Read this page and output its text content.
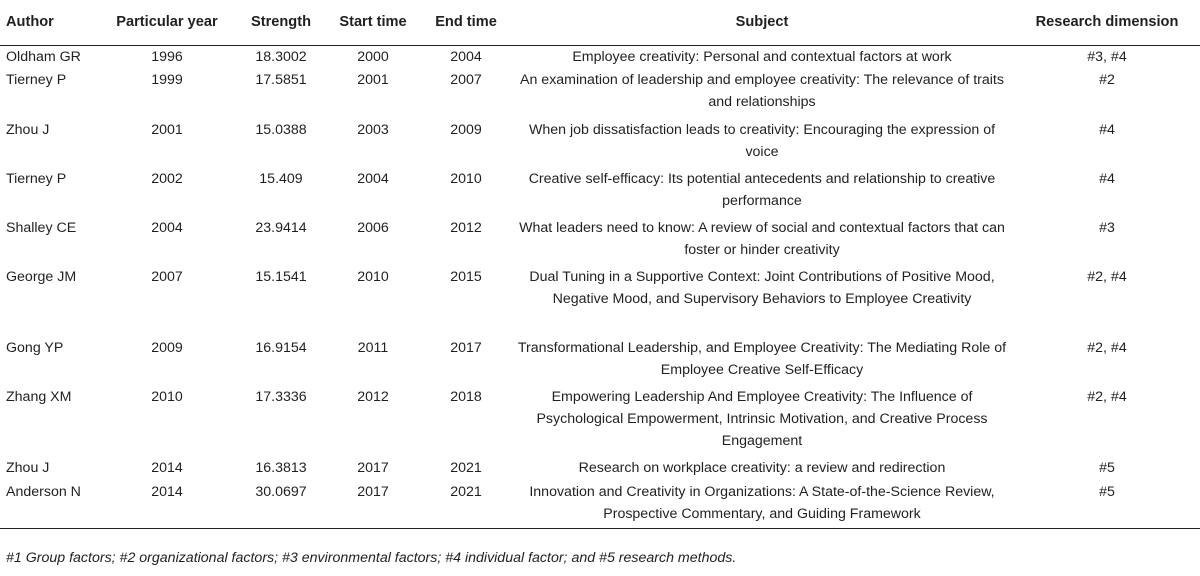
Author	Particular year	Strength	Start time	End time	Subject	Research dimension
Oldham GR	1996	18.3002	2000	2004	Employee creativity: Personal and contextual factors at work	#3, #4
Tierney P	1999	17.5851	2001	2007	An examination of leadership and employee creativity: The relevance of traits and relationships	#2
Zhou J	2001	15.0388	2003	2009	When job dissatisfaction leads to creativity: Encouraging the expression of voice	#4
Tierney P	2002	15.409	2004	2010	Creative self-efficacy: Its potential antecedents and relationship to creative performance	#4
Shalley CE	2004	23.9414	2006	2012	What leaders need to know: A review of social and contextual factors that can foster or hinder creativity	#3
George JM	2007	15.1541	2010	2015	Dual Tuning in a Supportive Context: Joint Contributions of Positive Mood, Negative Mood, and Supervisory Behaviors to Employee Creativity	#2, #4
Gong YP	2009	16.9154	2011	2017	Transformational Leadership, and Employee Creativity: The Mediating Role of Employee Creative Self-Efficacy	#2, #4
Zhang XM	2010	17.3336	2012	2018	Empowering Leadership And Employee Creativity: The Influence of Psychological Empowerment, Intrinsic Motivation, and Creative Process Engagement	#2, #4
Zhou J	2014	16.3813	2017	2021	Research on workplace creativity: a review and redirection	#5
Anderson N	2014	30.0697	2017	2021	Innovation and Creativity in Organizations: A State-of-the-Science Review, Prospective Commentary, and Guiding Framework	#5
#1 Group factors; #2 organizational factors; #3 environmental factors; #4 individual factor; and #5 research methods.
